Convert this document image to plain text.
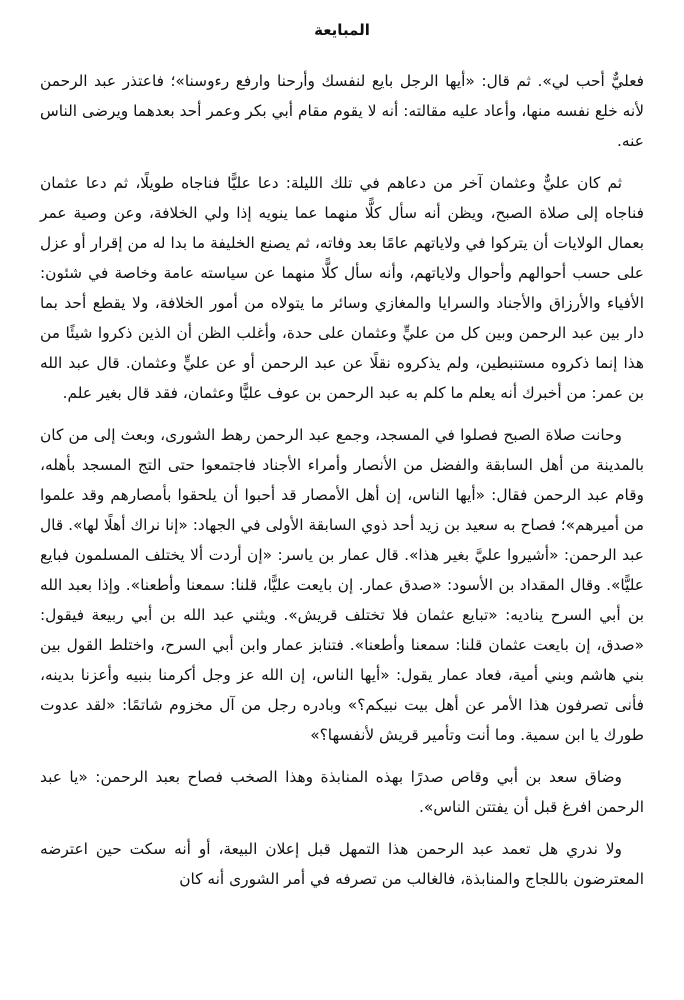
المبايعة

فعليٌّ أحب لي». ثم قال: «أيها الرجل بايع لنفسك وأرحنا وارفع رءوسنا»؛ فاعتذر عبد الرحمن لأنه خلع نفسه منها، وأعاد عليه مقالته: أنه لا يقوم مقام أبي بكر وعمر أحد بعدهما ويرضى الناس عنه.

ثم كان عليٌّ وعثمان آخر من دعاهم في تلك الليلة: دعا عليًّا فناجاه طويلًا، ثم دعا عثمان فناجاه إلى صلاة الصبح، ويظن أنه سأل كلًّا منهما عما ينويه إذا ولي الخلافة، وعن وصية عمر بعمال الولايات أن يتركوا في ولاياتهم عامًا بعد وفاته، ثم يصنع الخليفة ما بدا له من إقرار أو عزل على حسب أحوالهم وأحوال ولاياتهم، وأنه سأل كلًّا منهما عن سياسته عامة وخاصة في شئون: الأفياء والأرزاق والأجناد والسرايا والمغازي وسائر ما يتولاه من أمور الخلافة، ولا يقطع أحد بما دار بين عبد الرحمن وبين كل من عليٍّ وعثمان على حدة، وأغلب الظن أن الذين ذكروا شيئًا من هذا إنما ذكروه مستنبطين، ولم يذكروه نقلًا عن عبد الرحمن أو عن عليٍّ وعثمان. قال عبد الله بن عمر: من أخبرك أنه يعلم ما كلم به عبد الرحمن بن عوف عليًّا وعثمان، فقد قال بغير علم.

وحانت صلاة الصبح فصلوا في المسجد، وجمع عبد الرحمن رهط الشورى، وبعث إلى من كان بالمدينة من أهل السابقة والفضل من الأنصار وأمراء الأجناد فاجتمعوا حتى التج المسجد بأهله، وقام عبد الرحمن فقال: «أيها الناس، إن أهل الأمصار قد أحبوا أن يلحقوا بأمصارهم وقد علموا من أميرهم»؛ فصاح به سعيد بن زيد أحد ذوي السابقة الأولى في الجهاد: «إنا نراك أهلًا لها». قال عبد الرحمن: «أشيروا عليَّ بغير هذا». قال عمار بن ياسر: «إن أردت ألا يختلف المسلمون فبايع عليًّا». وقال المقداد بن الأسود: «صدق عمار. إن بايعت عليًّا، قلنا: سمعنا وأطعنا». وإذا بعبد الله بن أبي السرح يناديه: «تبايع عثمان فلا تختلف قريش». ويثني عبد الله بن أبي ربيعة فيقول: «صدق، إن بايعت عثمان قلنا: سمعنا وأطعنا». فتنابز عمار وابن أبي السرح، واختلط القول بين بني هاشم وبني أمية، فعاد عمار يقول: «أيها الناس، إن الله عز وجل أكرمنا بنبيه وأعزنا بدينه، فأنى تصرفون هذا الأمر عن أهل بيت نبيكم؟» وبادره رجل من آل مخزوم شاتمًا: «لقد عدوت طورك يا ابن سمية. وما أنت وتأمير قريش لأنفسها؟»

وضاق سعد بن أبي وقاص صدرًا بهذه المنابذة وهذا الصخب فصاح بعبد الرحمن: «يا عبد الرحمن افرغ قبل أن يفتتن الناس».

ولا ندري هل تعمد عبد الرحمن هذا التمهل قبل إعلان البيعة، أو أنه سكت حين اعترضه المعترضون باللجاج والمنابذة، فالغالب من تصرفه في أمر الشورى أنه كان
